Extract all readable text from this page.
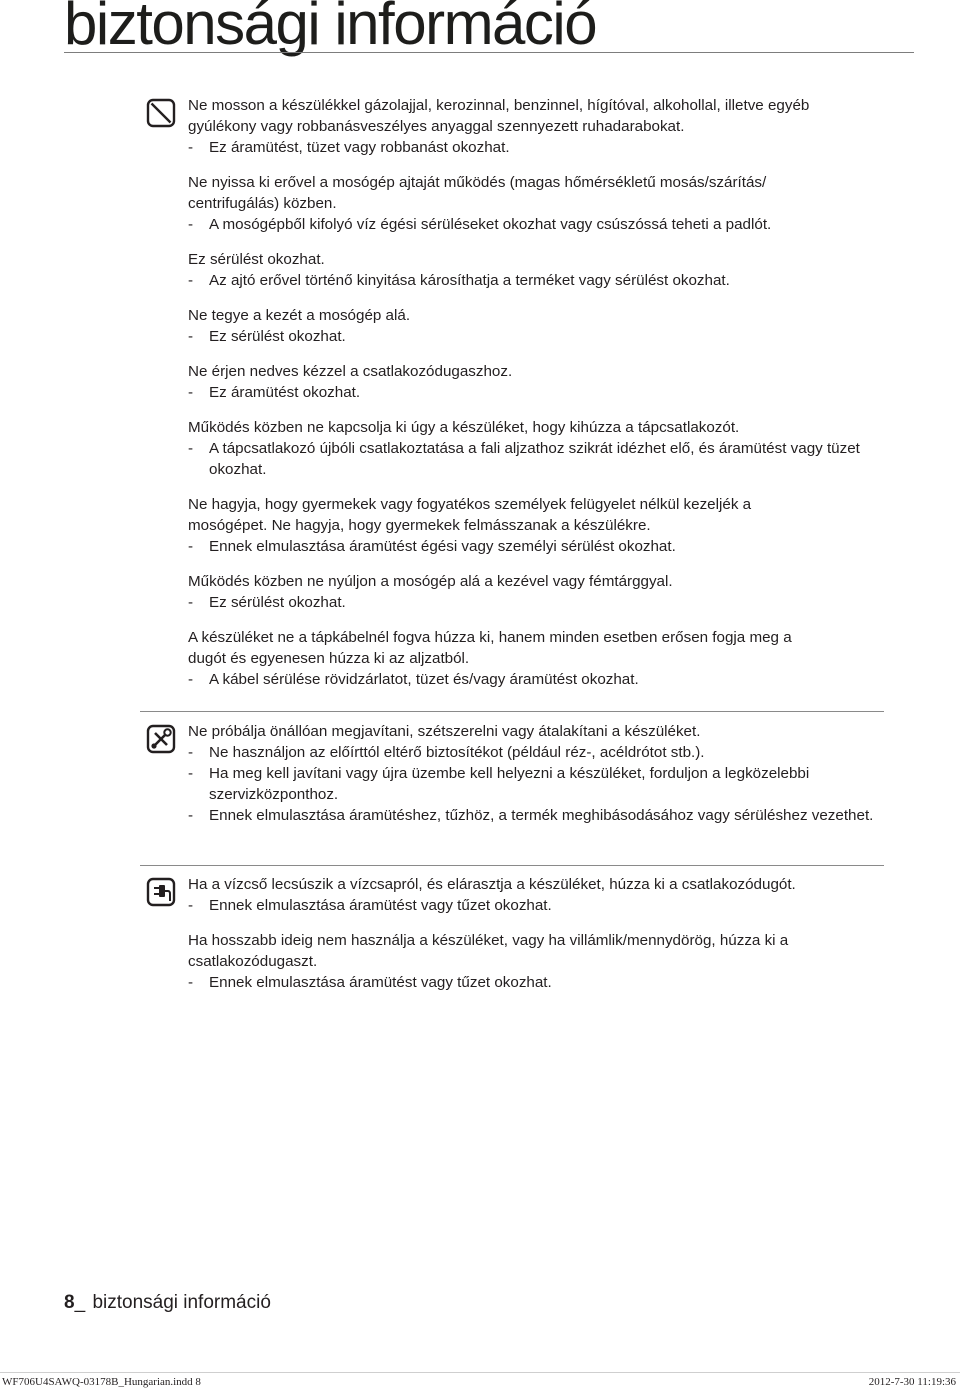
biztonsági információ
Ne mosson a készülékkel gázolajjal, kerozinnal, benzinnel, hígítóval, alkohollal, illetve egyéb
gyúlékony vagy robbanásveszélyes anyaggal szennyezett ruhadarabokat.
- Ez áramütést, tüzet vagy robbanást okozhat.
Ne nyissa ki erővel a mosógép ajtaját működés (magas hőmérsékletű mosás/szárítás/
centrifugálás) közben.
- A mosógépből kifolyó víz égési sérüléseket okozhat vagy csúszóssá teheti a padlót.
Ez sérülést okozhat.
- Az ajtó erővel történő kinyitása károsíthatja a terméket vagy sérülést okozhat.
Ne tegye a kezét a mosógép alá.
- Ez sérülést okozhat.
Ne érjen nedves kézzel a csatlakozódugaszhoz.
- Ez áramütést okozhat.
Működés közben ne kapcsolja ki úgy a készüléket, hogy kihúzza a tápcsatlakozót.
- A tápcsatlakozó újbóli csatlakoztatása a fali aljzathoz szikrát idézhet elő, és áramütést vagy tüzet okozhat.
Ne hagyja, hogy gyermekek vagy fogyatékos személyek felügyelet nélkül kezeljék a
mosógépet. Ne hagyja, hogy gyermekek felmásszanak a készülékre.
- Ennek elmulasztása áramütést égési vagy személyi sérülést okozhat.
Működés közben ne nyúljon a mosógép alá a kezével vagy fémtárggyal.
- Ez sérülést okozhat.
A készüléket ne a tápkábelnél fogva húzza ki, hanem minden esetben erősen fogja meg a
dugót és egyenesen húzza ki az aljzatból.
- A kábel sérülése rövidzárlatot, tüzet és/vagy áramütést okozhat.
Ne próbálja önállóan megjavítani, szétszerelni vagy átalakítani a készüléket.
- Ne használjon az előírttól eltérő biztosítékot (például réz-, acéldrótot stb.).
- Ha meg kell javítani vagy újra üzembe kell helyezni a készüléket, forduljon a legközelebbi szervizközponthoz.
- Ennek elmulasztása áramütéshez, tűzhöz, a termék meghibásodásához vagy sérüléshez vezethet.
Ha a vízcső lecsúszik a vízcsapról, és elárasztja a készüléket, húzza ki a csatlakozódugót.
- Ennek elmulasztása áramütést vagy tűzet okozhat.
Ha hosszabb ideig nem használja a készüléket, vagy ha villámlik/mennydörög, húzza ki a
csatlakozódugaszt.
- Ennek elmulasztása áramütést vagy tűzet okozhat.
8_ biztonsági információ
WF706U4SAWQ-03178B_Hungarian.indd 8	2012-7-30 11:19:36
